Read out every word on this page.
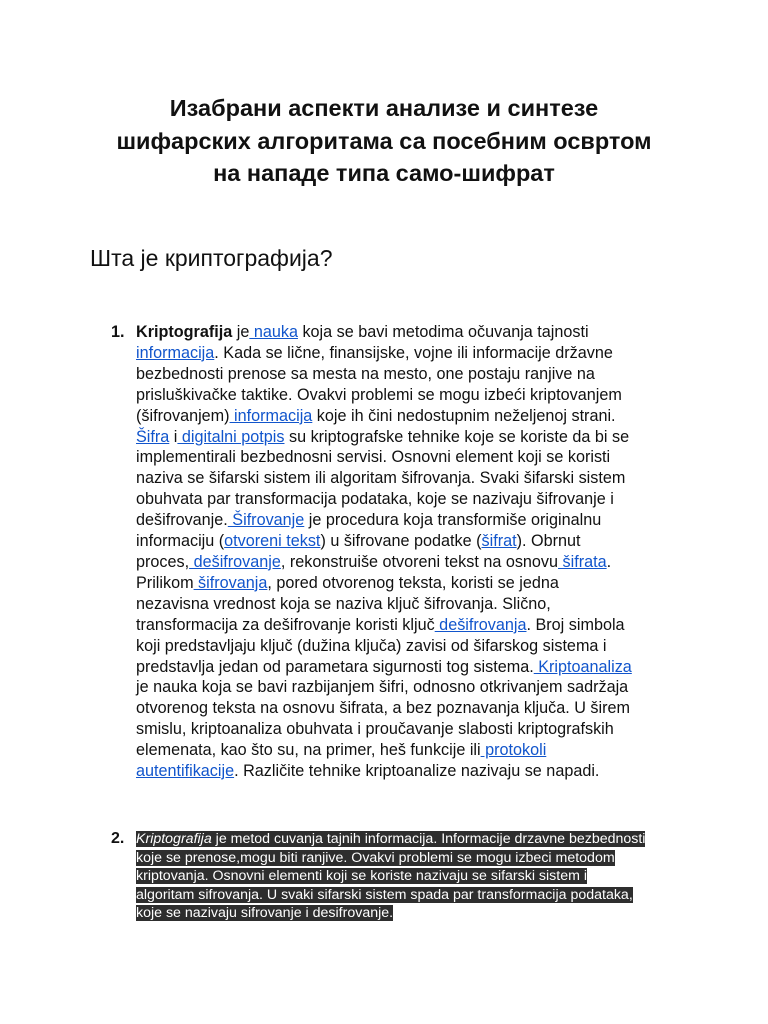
Изабрани аспекти анализе и синтезе
шифарских алгоритама са посебним освртом
на нападе типа само-шифрат
Шта је криптографија?
1. Kriptografija je nauka koja se bavi metodima očuvanja tajnosti
informacija. Kada se lične, finansijske, vojne ili informacije državne
bezbednosti prenose sa mesta na mesto, one postaju ranjive na
prisluškivačke taktike. Ovakvi problemi se mogu izbeći kriptovanjem
(šifrovanjem) informacija koje ih čini nedostupnim neželjenoj strani.
Šifra i digitalni potpis su kriptografske tehnike koje se koriste da bi se
implementirali bezbednosni servisi. Osnovni element koji se koristi
naziva se šifarski sistem ili algoritam šifrovanja. Svaki šifarski sistem
obuhvata par transformacija podataka, koje se nazivaju šifrovanje i
dešifrovanje. Šifrovanje je procedura koja transformiše originalnu
informaciju (otvoreni tekst) u šifrovane podatke (šifrat). Obrnut
proces, dešifrovanje, rekonstruiše otvoreni tekst na osnovu šifrata.
Prilikom šifrovanja, pored otvorenog teksta, koristi se jedna
nezavisna vrednost koja se naziva ključ šifrovanja. Slično,
transformacija za dešifrovanje koristi ključ dešifrovanja. Broj simbola
koji predstavljaju ključ (dužina ključa) zavisi od šifarskog sistema i
predstavlja jedan od parametara sigurnosti tog sistema. Kriptoanaliza
je nauka koja se bavi razbijanjem šifri, odnosno otkrivanjem sadržaja
otvorenog teksta na osnovu šifrata, a bez poznavanja ključa. U širem
smislu, kriptoanaliza obuhvata i proučavanje slabosti kriptografskih
elemenata, kao što su, na primer, heš funkcije ili protokoli
autentifikacije. Različite tehnike kriptoanalize nazivaju se napadi.
2. Kriptografija je metod cuvanja tajnih informacija. Informacije drzavne bezbednosti
koje se prenose,mogu biti ranjive. Ovakvi problemi se mogu izbeci metodom
kriptovanja. Osnovni elementi koji se koriste nazivaju se sifarski sistem i
algoritam sifrovanja. U svaki sifarski sistem spada par transformacija podataka,
koje se nazivaju sifrovanje i desifrovanje.
